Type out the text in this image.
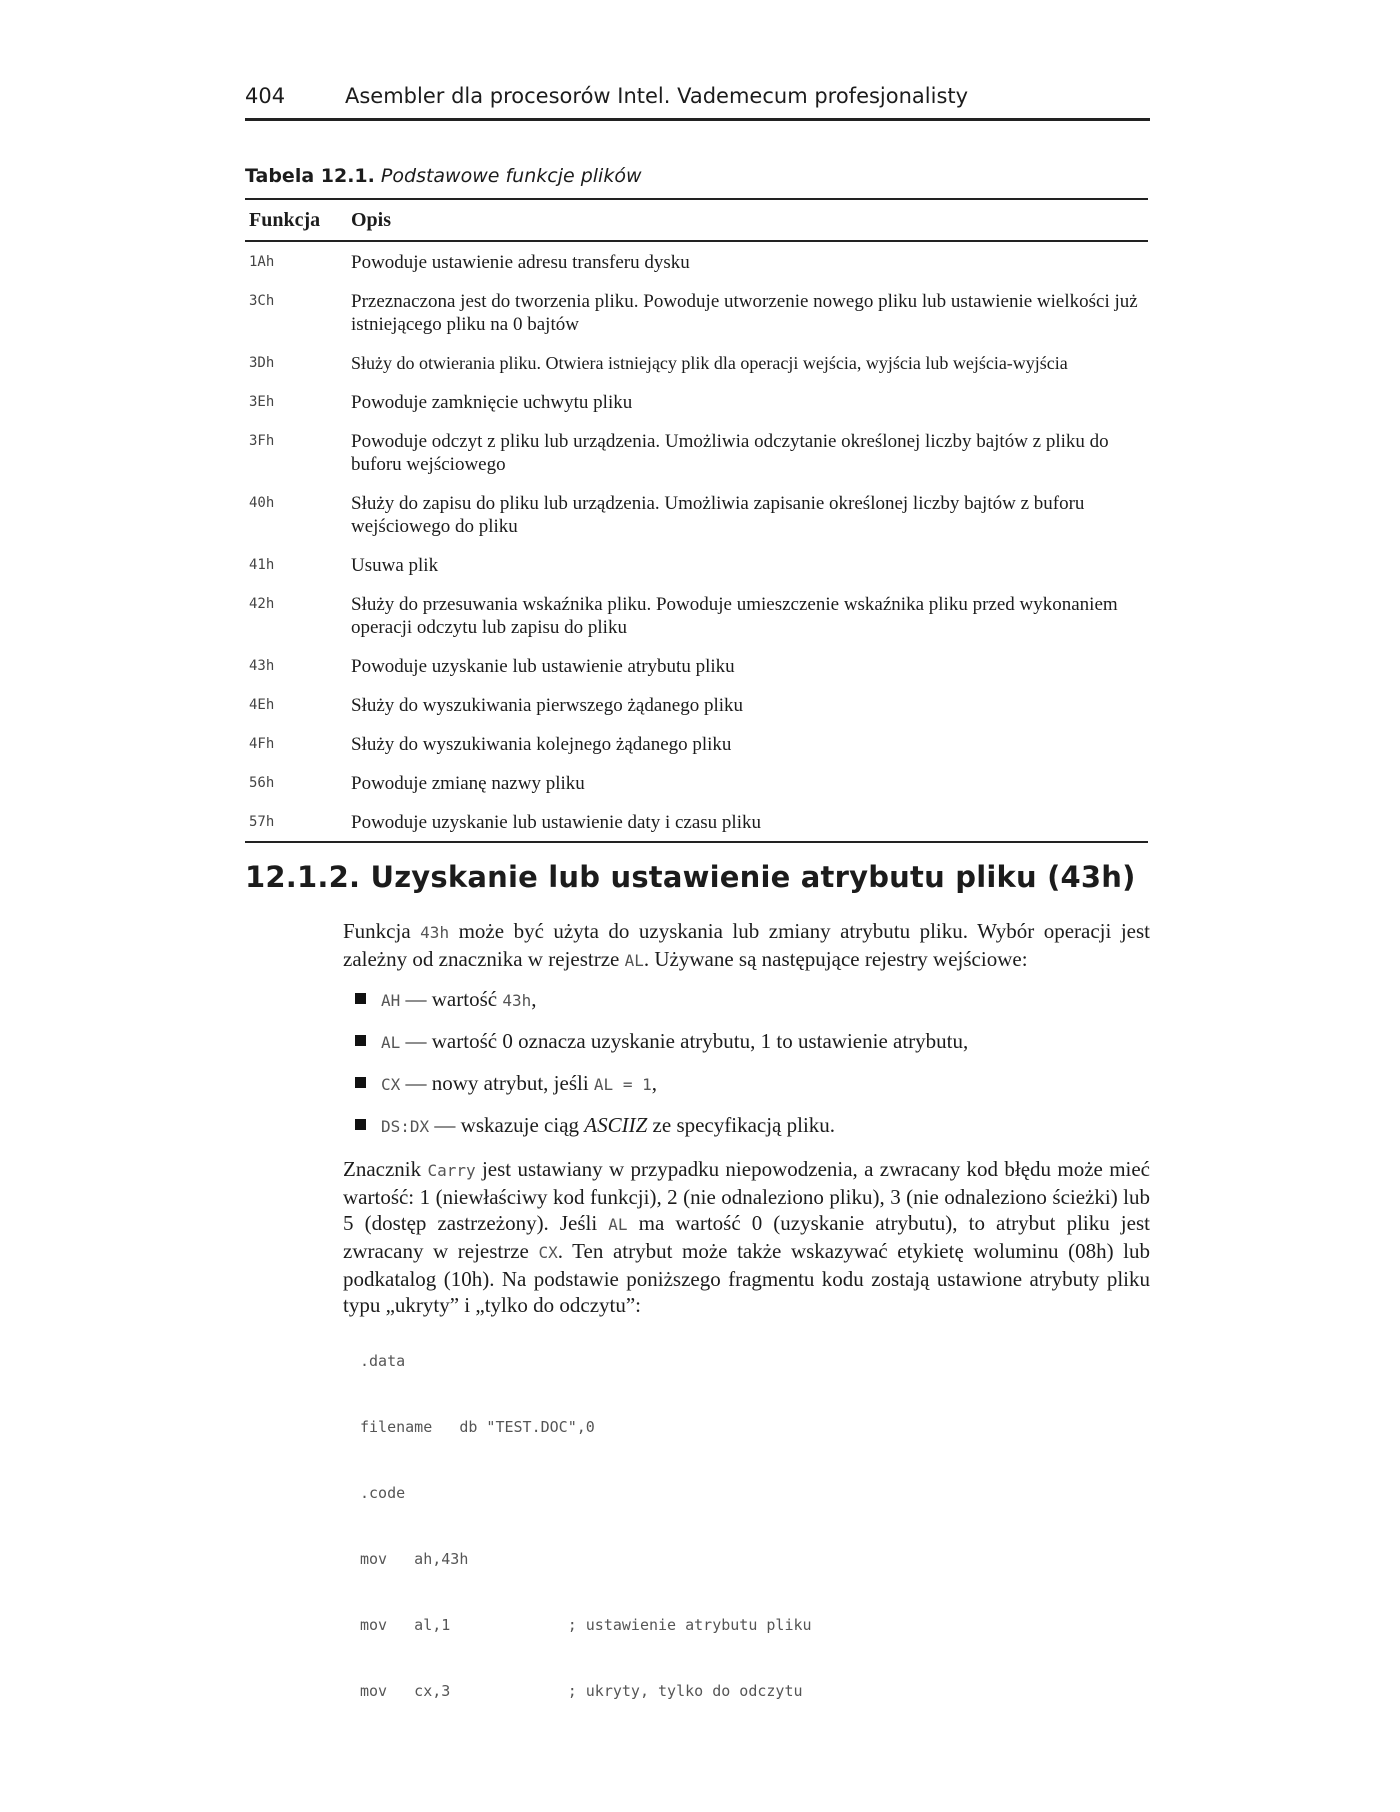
404	Asembler dla procesorów Intel. Vademecum profesjonalisty
Tabela 12.1. Podstawowe funkcje plików
Funkcja	Opis
1Ah	Powoduje ustawienie adresu transferu dysku
3Ch	Przeznaczona jest do tworzenia pliku. Powoduje utworzenie nowego pliku lub ustawienie wielkości już istniejącego pliku na 0 bajtów
3Dh	Służy do otwierania pliku. Otwiera istniejący plik dla operacji wejścia, wyjścia lub wejścia-wyjścia
3Eh	Powoduje zamknięcie uchwytu pliku
3Fh	Powoduje odczyt z pliku lub urządzenia. Umożliwia odczytanie określonej liczby bajtów z pliku do buforu wejściowego
40h	Służy do zapisu do pliku lub urządzenia. Umożliwia zapisanie określonej liczby bajtów z buforu wejściowego do pliku
41h	Usuwa plik
42h	Służy do przesuwania wskaźnika pliku. Powoduje umieszczenie wskaźnika pliku przed wykonaniem operacji odczytu lub zapisu do pliku
43h	Powoduje uzyskanie lub ustawienie atrybutu pliku
4Eh	Służy do wyszukiwania pierwszego żądanego pliku
4Fh	Służy do wyszukiwania kolejnego żądanego pliku
56h	Powoduje zmianę nazwy pliku
57h	Powoduje uzyskanie lub ustawienie daty i czasu pliku
12.1.2. Uzyskanie lub ustawienie atrybutu pliku (43h)

Funkcja 43h może być użyta do uzyskania lub zmiany atrybutu pliku. Wybór operacji jest zależny od znacznika w rejestrze AL. Używane są następujące rejestry wejściowe:

AH — wartość 43h,
AL — wartość 0 oznacza uzyskanie atrybutu, 1 to ustawienie atrybutu,
CX — nowy atrybut, jeśli AL = 1,
DS:DX — wskazuje ciąg ASCIIZ ze specyfikacją pliku.

Znacznik Carry jest ustawiany w przypadku niepowodzenia, a zwracany kod błędu może mieć wartość: 1 (niewłaściwy kod funkcji), 2 (nie odnaleziono pliku), 3 (nie odnaleziono ścieżki) lub 5 (dostęp zastrzeżony). Jeśli AL ma wartość 0 (uzyskanie atrybutu), to atrybut pliku jest zwracany w rejestrze CX. Ten atrybut może także wskazywać etykietę woluminu (08h) lub podkatalog (10h). Na podstawie poniższego fragmentu kodu zostają ustawione atrybuty pliku typu „ukryty” i „tylko do odczytu”:

.data

filename   db "TEST.DOC",0

.code

mov   ah,43h

mov   al,1             ; ustawienie atrybutu pliku

mov   cx,3             ; ukryty, tylko do odczytu
